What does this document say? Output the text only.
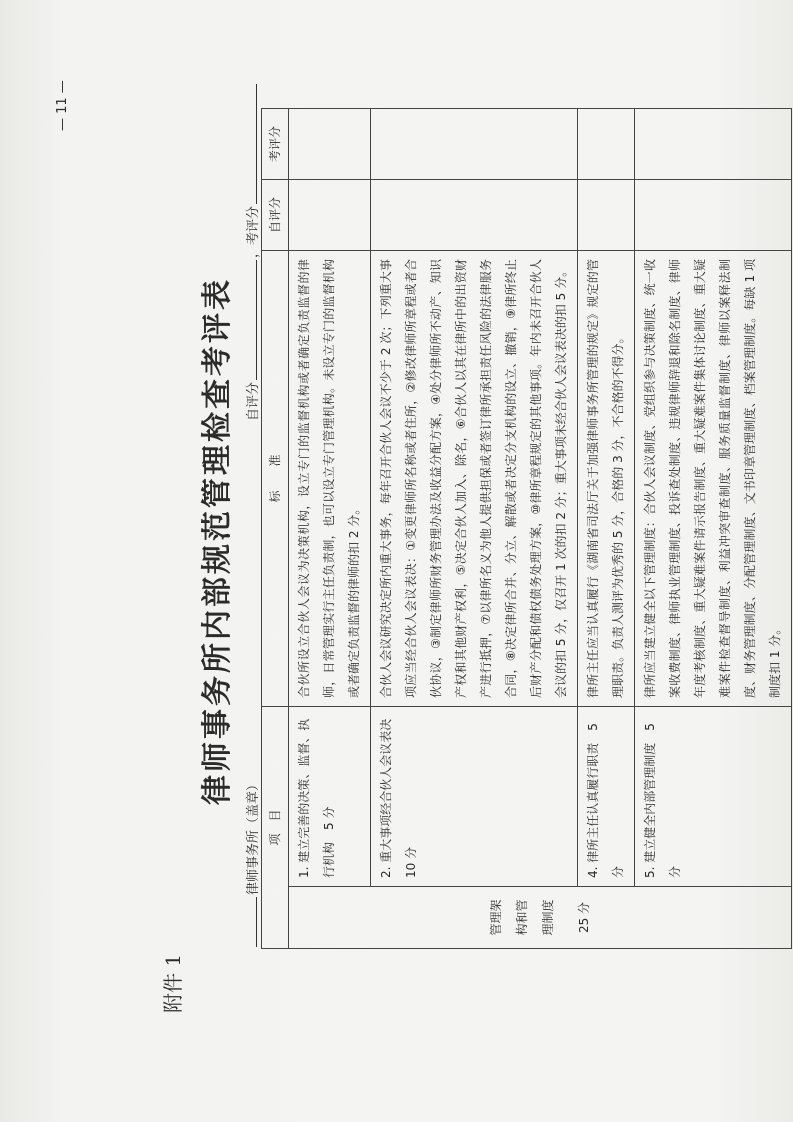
附件 1
律师事务所内部规范管理检查考评表
律师事务所（盖章）
自评分，考评分
项　目		标　　准	自评分	考评分

管理架构和管理制度 25 分	1. 建立完善的决策、监督、执行机构　5 分	合伙所设立合伙人会议为决策机构，设立专门的监督机构或者确定负责监督的律师，日常管理实行主任负责制，也可以设立专门管理机构。未设立专门的监督机构或者确定负责监督的律师的扣 2 分。		
	2. 重大事项经合伙人会议表决　10 分	合伙人会议研究决定所内重大事务，每年召开合伙人会议不少于 2 次；下列重大事项应当经合伙人会议表决：①变更律师所名称或者住所，②修改律师所章程或者合伙协议，③制定律师所财务管理办法及收益分配方案，④处分律师所不动产、知识产权和其他财产权利，⑤决定合伙人加入、除名，⑥合伙人以其在律所中的出资财产进行抵押，⑦以律所名义为他人提供担保或者签订律所承担责任风险的法律服务合同，⑧决定律所合并、分立、解散或者决定分支机构的设立、撤销，⑨律所终止后财产分配和债权债务处理方案，⑩律所章程规定的其他事项。年内未召开合伙人会议的扣 5 分，仅召开 1 次的扣 2 分；重大事项未经合伙人会议表决的扣 5 分。		
	4. 律所主任认真履行职责　5 分	律所主任应当认真履行《湖南省司法厅关于加强律师事务所管理的规定》规定的管理职责。负责人测评为优秀的 5 分，合格的 3 分，不合格的不得分。		
	5. 建立健全内部管理制度　5 分	律所应当建立健全以下管理制度：合伙人会议制度、党组织参与决策制度、统一收案收费制度、律师执业管理制度、投诉查处制度、违规律师辞退和除名制度、律师年度考核制度、重大疑难案件请示报告制度、重大疑难案件集体讨论制度、重大疑难案件检查督导制度、利益冲突审查制度、服务质量监督制度、律师以案释法制度、财务管理制度、分配管理制度、文书印章管理制度、档案管理制度。每缺 1 项制度扣 1 分。		
— 11 —
